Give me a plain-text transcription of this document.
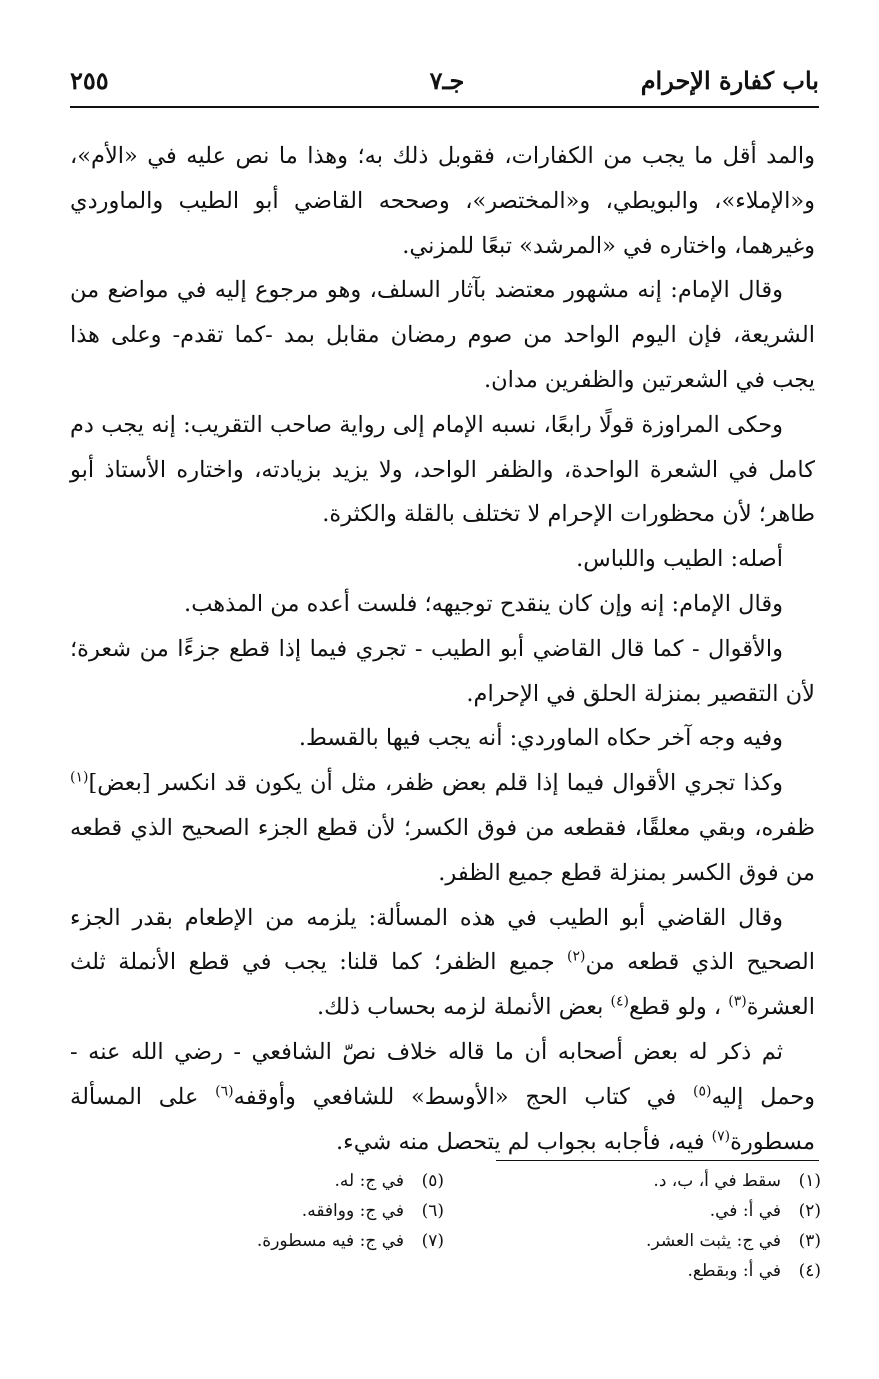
باب كفارة الإحرام
جـ٧
٢٥٥

والمد أقل ما يجب من الكفارات، فقوبل ذلك به؛ وهذا ما نص عليه في «الأم»، و«الإملاء»، والبويطي، و«المختصر»، وصححه القاضي أبو الطيب والماوردي وغيرهما، واختاره في «المرشد» تبعًا للمزني.

وقال الإمام: إنه مشهور معتضد بآثار السلف، وهو مرجوع إليه في مواضع من الشريعة، فإن اليوم الواحد من صوم رمضان مقابل بمد -كما تقدم- وعلى هذا يجب في الشعرتين والظفرين مدان.

وحكى المراوزة قولًا رابعًا، نسبه الإمام إلى رواية صاحب التقريب: إنه يجب دم كامل في الشعرة الواحدة، والظفر الواحد، ولا يزيد بزيادته، واختاره الأستاذ أبو طاهر؛ لأن محظورات الإحرام لا تختلف بالقلة والكثرة.

أصله: الطيب واللباس.

وقال الإمام: إنه وإن كان ينقدح توجيهه؛ فلست أعده من المذهب.

والأقوال - كما قال القاضي أبو الطيب - تجري فيما إذا قطع جزءًا من شعرة؛ لأن التقصير بمنزلة الحلق في الإحرام.

وفيه وجه آخر حكاه الماوردي: أنه يجب فيها بالقسط.

وكذا تجري الأقوال فيما إذا قلم بعض ظفر، مثل أن يكون قد انكسر [بعض]$^{(١)}$ ظفره، وبقي معلقًا، فقطعه من فوق الكسر؛ لأن قطع الجزء الصحيح الذي قطعه من فوق الكسر بمنزلة قطع جميع الظفر.

وقال القاضي أبو الطيب في هذه المسألة: يلزمه من الإطعام بقدر الجزء الصحيح الذي قطعه من$^{(٢)}$ جميع الظفر؛ كما قلنا: يجب في قطع الأنملة ثلث العشرة$^{(٣)}$ ، ولو قطع$^{(٤)}$ بعض الأنملة لزمه بحساب ذلك.

ثم ذكر له بعض أصحابه أن ما قاله خلاف نصّ الشافعي - رضي الله عنه - وحمل إليه$^{(٥)}$ في كتاب الحج «الأوسط» للشافعي وأوقفه$^{(٦)}$ على المسألة مسطورة$^{(٧)}$ فيه، فأجابه بجواب لم يتحصل منه شيء.

(١)سقط في أ، ب، د.
(٢)في أ: في.
(٣)في ج: يثبت العشر.
(٤)في أ: وبقطع.
(٥)في ج: له.
(٦)في ج: ووافقه.
(٧)في ج: فيه مسطورة.
